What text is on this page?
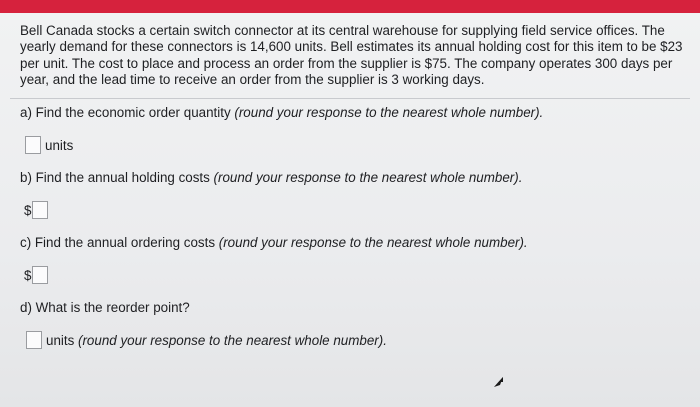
Bell Canada stocks a certain switch connector at its central warehouse for supplying field service offices. The yearly demand for these connectors is 14,600 units. Bell estimates its annual holding cost for this item to be $23 per unit. The cost to place and process an order from the supplier is $75. The company operates 300 days per year, and the lead time to receive an order from the supplier is 3 working days.

a) Find the economic order quantity (round your response to the nearest whole number).

units

b) Find the annual holding costs (round your response to the nearest whole number).

$

c) Find the annual ordering costs (round your response to the nearest whole number).

$

d) What is the reorder point?

units (round your response to the nearest whole number).
